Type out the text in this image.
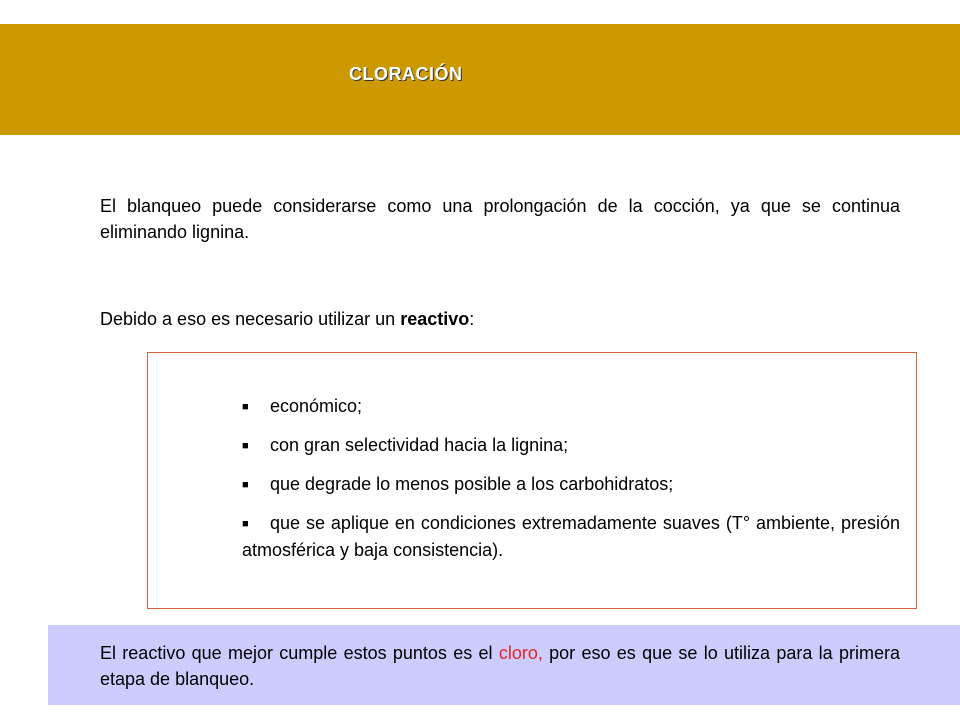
CLORACIÓN

El blanqueo puede considerarse como una prolongación de la cocción, ya que se continua eliminando lignina.

Debido a eso es necesario utilizar un reactivo:

■ económico;
■ con gran selectividad hacia la lignina;
■ que degrade lo menos posible a los carbohidratos;
■ que se aplique en condiciones extremadamente suaves (T° ambiente, presión atmosférica y baja consistencia).

El reactivo que mejor cumple estos puntos es el cloro, por eso es que se lo utiliza para la primera etapa de blanqueo.
